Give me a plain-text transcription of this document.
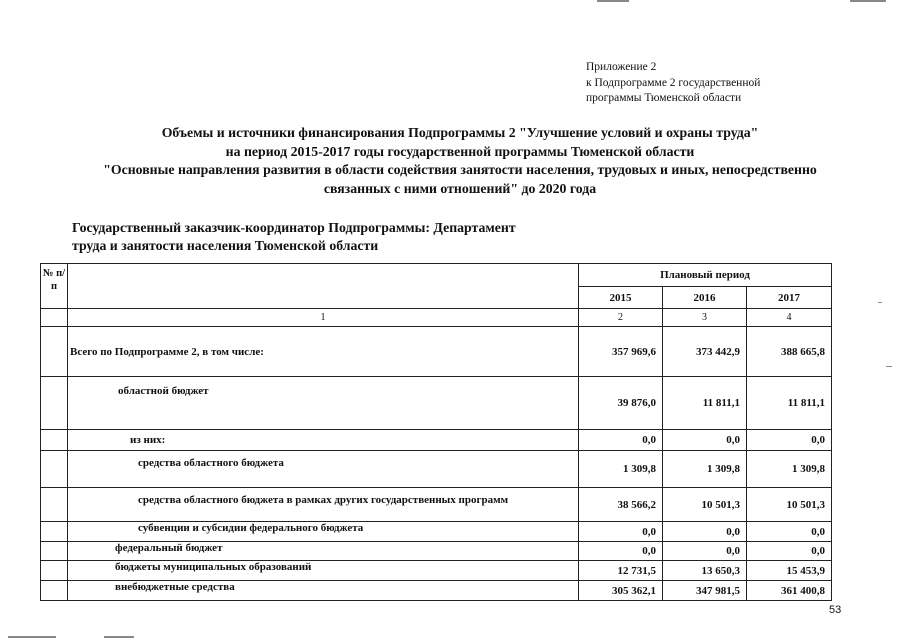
Приложение 2
к Подпрограмме 2 государственной
программы Тюменской области
Объемы и источники финансирования Подпрограммы 2 "Улучшение условий и охраны труда"
на период 2015-2017 годы государственной программы Тюменской области
"Основные направления развития в области содействия занятости населения, трудовых и иных, непосредственно
связанных с ними отношений" до 2020 года
Государственный заказчик-координатор Подпрограммы: Департамент
труда и занятости населения Тюменской области
№ п/п		Плановый период		
		2015	2016	2017
	1	2	3	4
	Всего по Подпрограмме 2, в том числе:	357 969,6	373 442,9	388 665,8
	областной бюджет	39 876,0	11 811,1	11 811,1
	из них:	0,0	0,0	0,0
	средства областного бюджета	1 309,8	1 309,8	1 309,8
	средства областного бюджета в рамках других государственных программ	38 566,2	10 501,3	10 501,3
	субвенции и субсидии федерального бюджета	0,0	0,0	0,0
	федеральный бюджет	0,0	0,0	0,0
	бюджеты муниципальных образований	12 731,5	13 650,3	15 453,9
	внебюджетные средства	305 362,1	347 981,5	361 400,8
53
